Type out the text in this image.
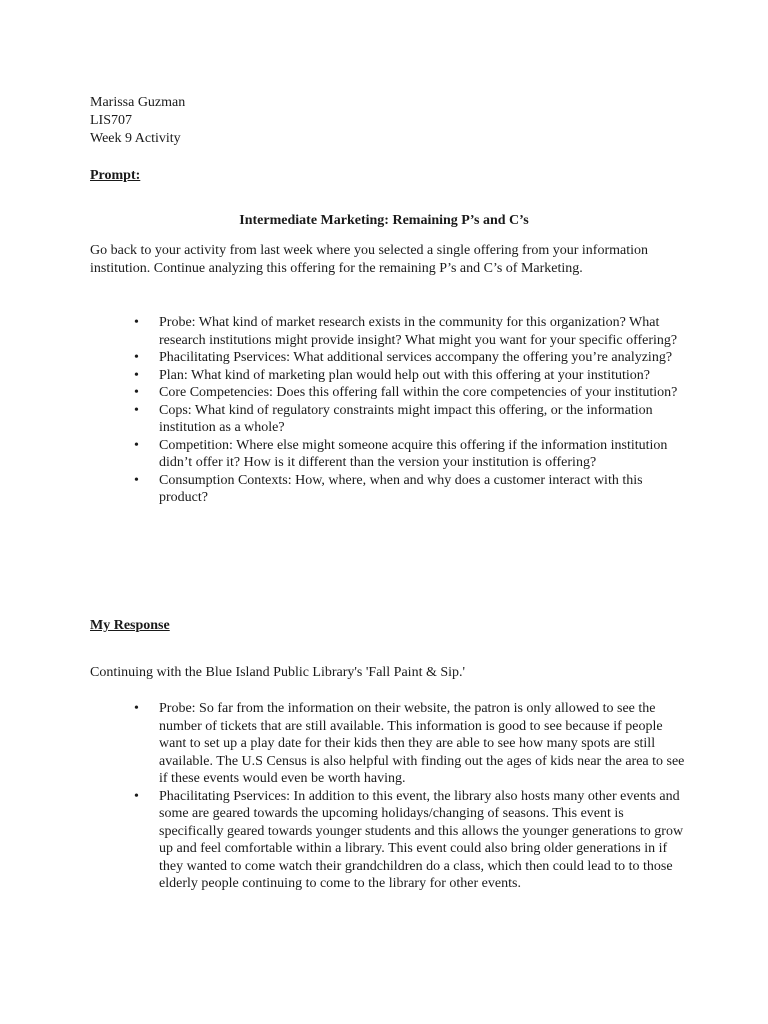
Marissa Guzman
LIS707
Week 9 Activity
Prompt:
Intermediate Marketing: Remaining P’s and C’s
Go back to your activity from last week where you selected a single offering from your information institution. Continue analyzing this offering for the remaining P’s and C’s of Marketing.
•	Probe: What kind of market research exists in the community for this organization? What research institutions might provide insight? What might you want for your specific offering?
•	Phacilitating Pservices: What additional services accompany the offering you’re analyzing?
•	Plan: What kind of marketing plan would help out with this offering at your institution?
•	Core Competencies: Does this offering fall within the core competencies of your institution?
•	Cops: What kind of regulatory constraints might impact this offering, or the information institution as a whole?
•	Competition: Where else might someone acquire this offering if the information institution didn’t offer it? How is it different than the version your institution is offering?
•	Consumption Contexts: How, where, when and why does a customer interact with this product?
My Response
Continuing with the Blue Island Public Library's 'Fall Paint & Sip.'
•	Probe: So far from the information on their website, the patron is only allowed to see the number of tickets that are still available. This information is good to see because if people want to set up a play date for their kids then they are able to see how many spots are still available. The U.S Census is also helpful with finding out the ages of kids near the area to see if these events would even be worth having.
•	Phacilitating Pservices: In addition to this event, the library also hosts many other events and some are geared towards the upcoming holidays/changing of seasons. This event is specifically geared towards younger students and this allows the younger generations to grow up and feel comfortable within a library. This event could also bring older generations in if they wanted to come watch their grandchildren do a class, which then could lead to to those elderly people continuing to come to the library for other events.
